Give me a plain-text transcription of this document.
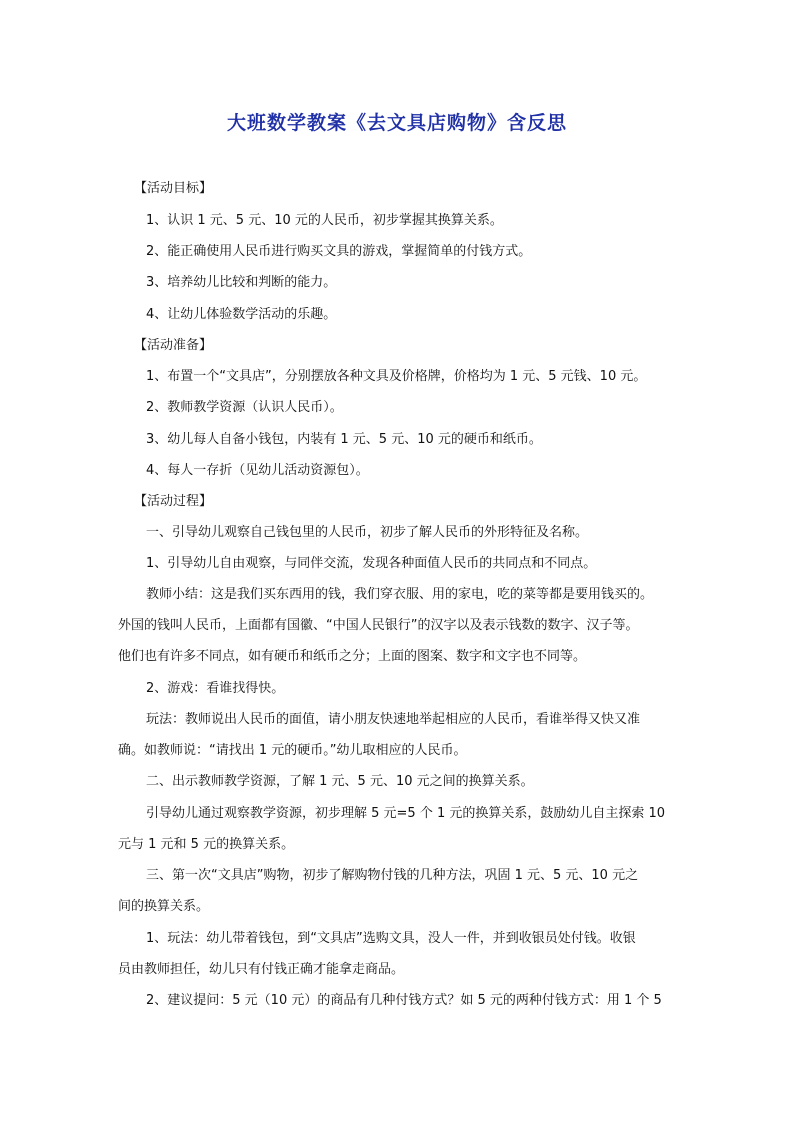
大班数学教案《去文具店购物》含反思
【活动目标】
1、认识 1 元、5 元、10 元的人民币，初步掌握其换算关系。
2、能正确使用人民币进行购买文具的游戏，掌握简单的付钱方式。
3、培养幼儿比较和判断的能力。
4、让幼儿体验数学活动的乐趣。
【活动准备】
1、布置一个“文具店”，分别摆放各种文具及价格牌，价格均为 1 元、5 元钱、10 元。
2、教师教学资源（认识人民币）。
3、幼儿每人自备小钱包，内装有 1 元、5 元、10 元的硬币和纸币。
4、每人一存折（见幼儿活动资源包）。
【活动过程】
一、引导幼儿观察自己钱包里的人民币，初步了解人民币的外形特征及名称。
1、引导幼儿自由观察，与同伴交流，发现各种面值人民币的共同点和不同点。
教师小结：这是我们买东西用的钱，我们穿衣服、用的家电，吃的菜等都是要用钱买的。
外国的钱叫人民币，上面都有国徽、“中国人民银行”的汉字以及表示钱数的数字、汉子等。
他们也有许多不同点，如有硬币和纸币之分；上面的图案、数字和文字也不同等。
2、游戏：看谁找得快。
玩法：教师说出人民币的面值，请小朋友快速地举起相应的人民币，看谁举得又快又准
确。如教师说：“请找出 1 元的硬币。”幼儿取相应的人民币。
二、出示教师教学资源，了解 1 元、5 元、10 元之间的换算关系。
引导幼儿通过观察教学资源，初步理解 5 元=5 个 1 元的换算关系，鼓励幼儿自主探索 10
元与 1 元和 5 元的换算关系。
三、第一次“文具店”购物，初步了解购物付钱的几种方法，巩固 1 元、5 元、10 元之
间的换算关系。
1、玩法：幼儿带着钱包，到“文具店”选购文具，没人一件，并到收银员处付钱。收银
员由教师担任，幼儿只有付钱正确才能拿走商品。
2、建议提问：5 元（10 元）的商品有几种付钱方式？如 5 元的两种付钱方式：用 1 个 5
